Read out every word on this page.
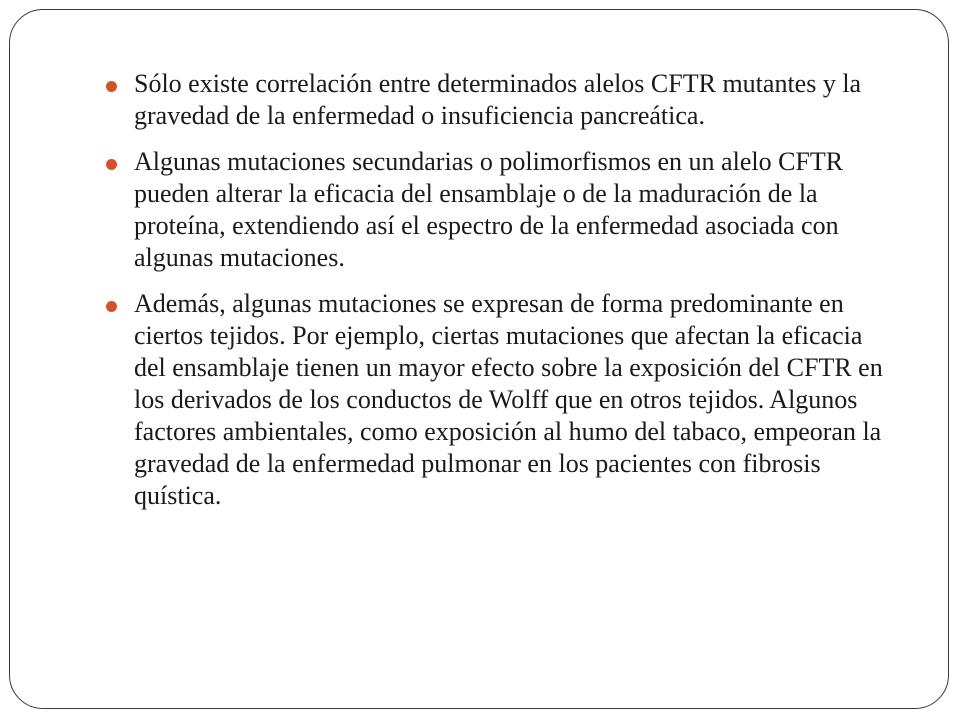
Sólo existe correlación entre determinados alelos CFTR mutantes y la gravedad de la enfermedad o insuficiencia pancreática.
Algunas mutaciones secundarias o polimorfismos en un alelo CFTR pueden alterar la eficacia del ensamblaje o de la maduración de la proteína, extendiendo así el espectro de la enfermedad asociada con algunas mutaciones.
Además, algunas mutaciones se expresan de forma predominante en ciertos tejidos. Por ejemplo, ciertas mutaciones que afectan la eficacia del ensamblaje tienen un mayor efecto sobre la exposición del CFTR en los derivados de los conductos de Wolff que en otros tejidos. Algunos factores ambientales, como exposición al humo del tabaco, empeoran la gravedad de la enfermedad pulmonar en los pacientes con fibrosis quística.
